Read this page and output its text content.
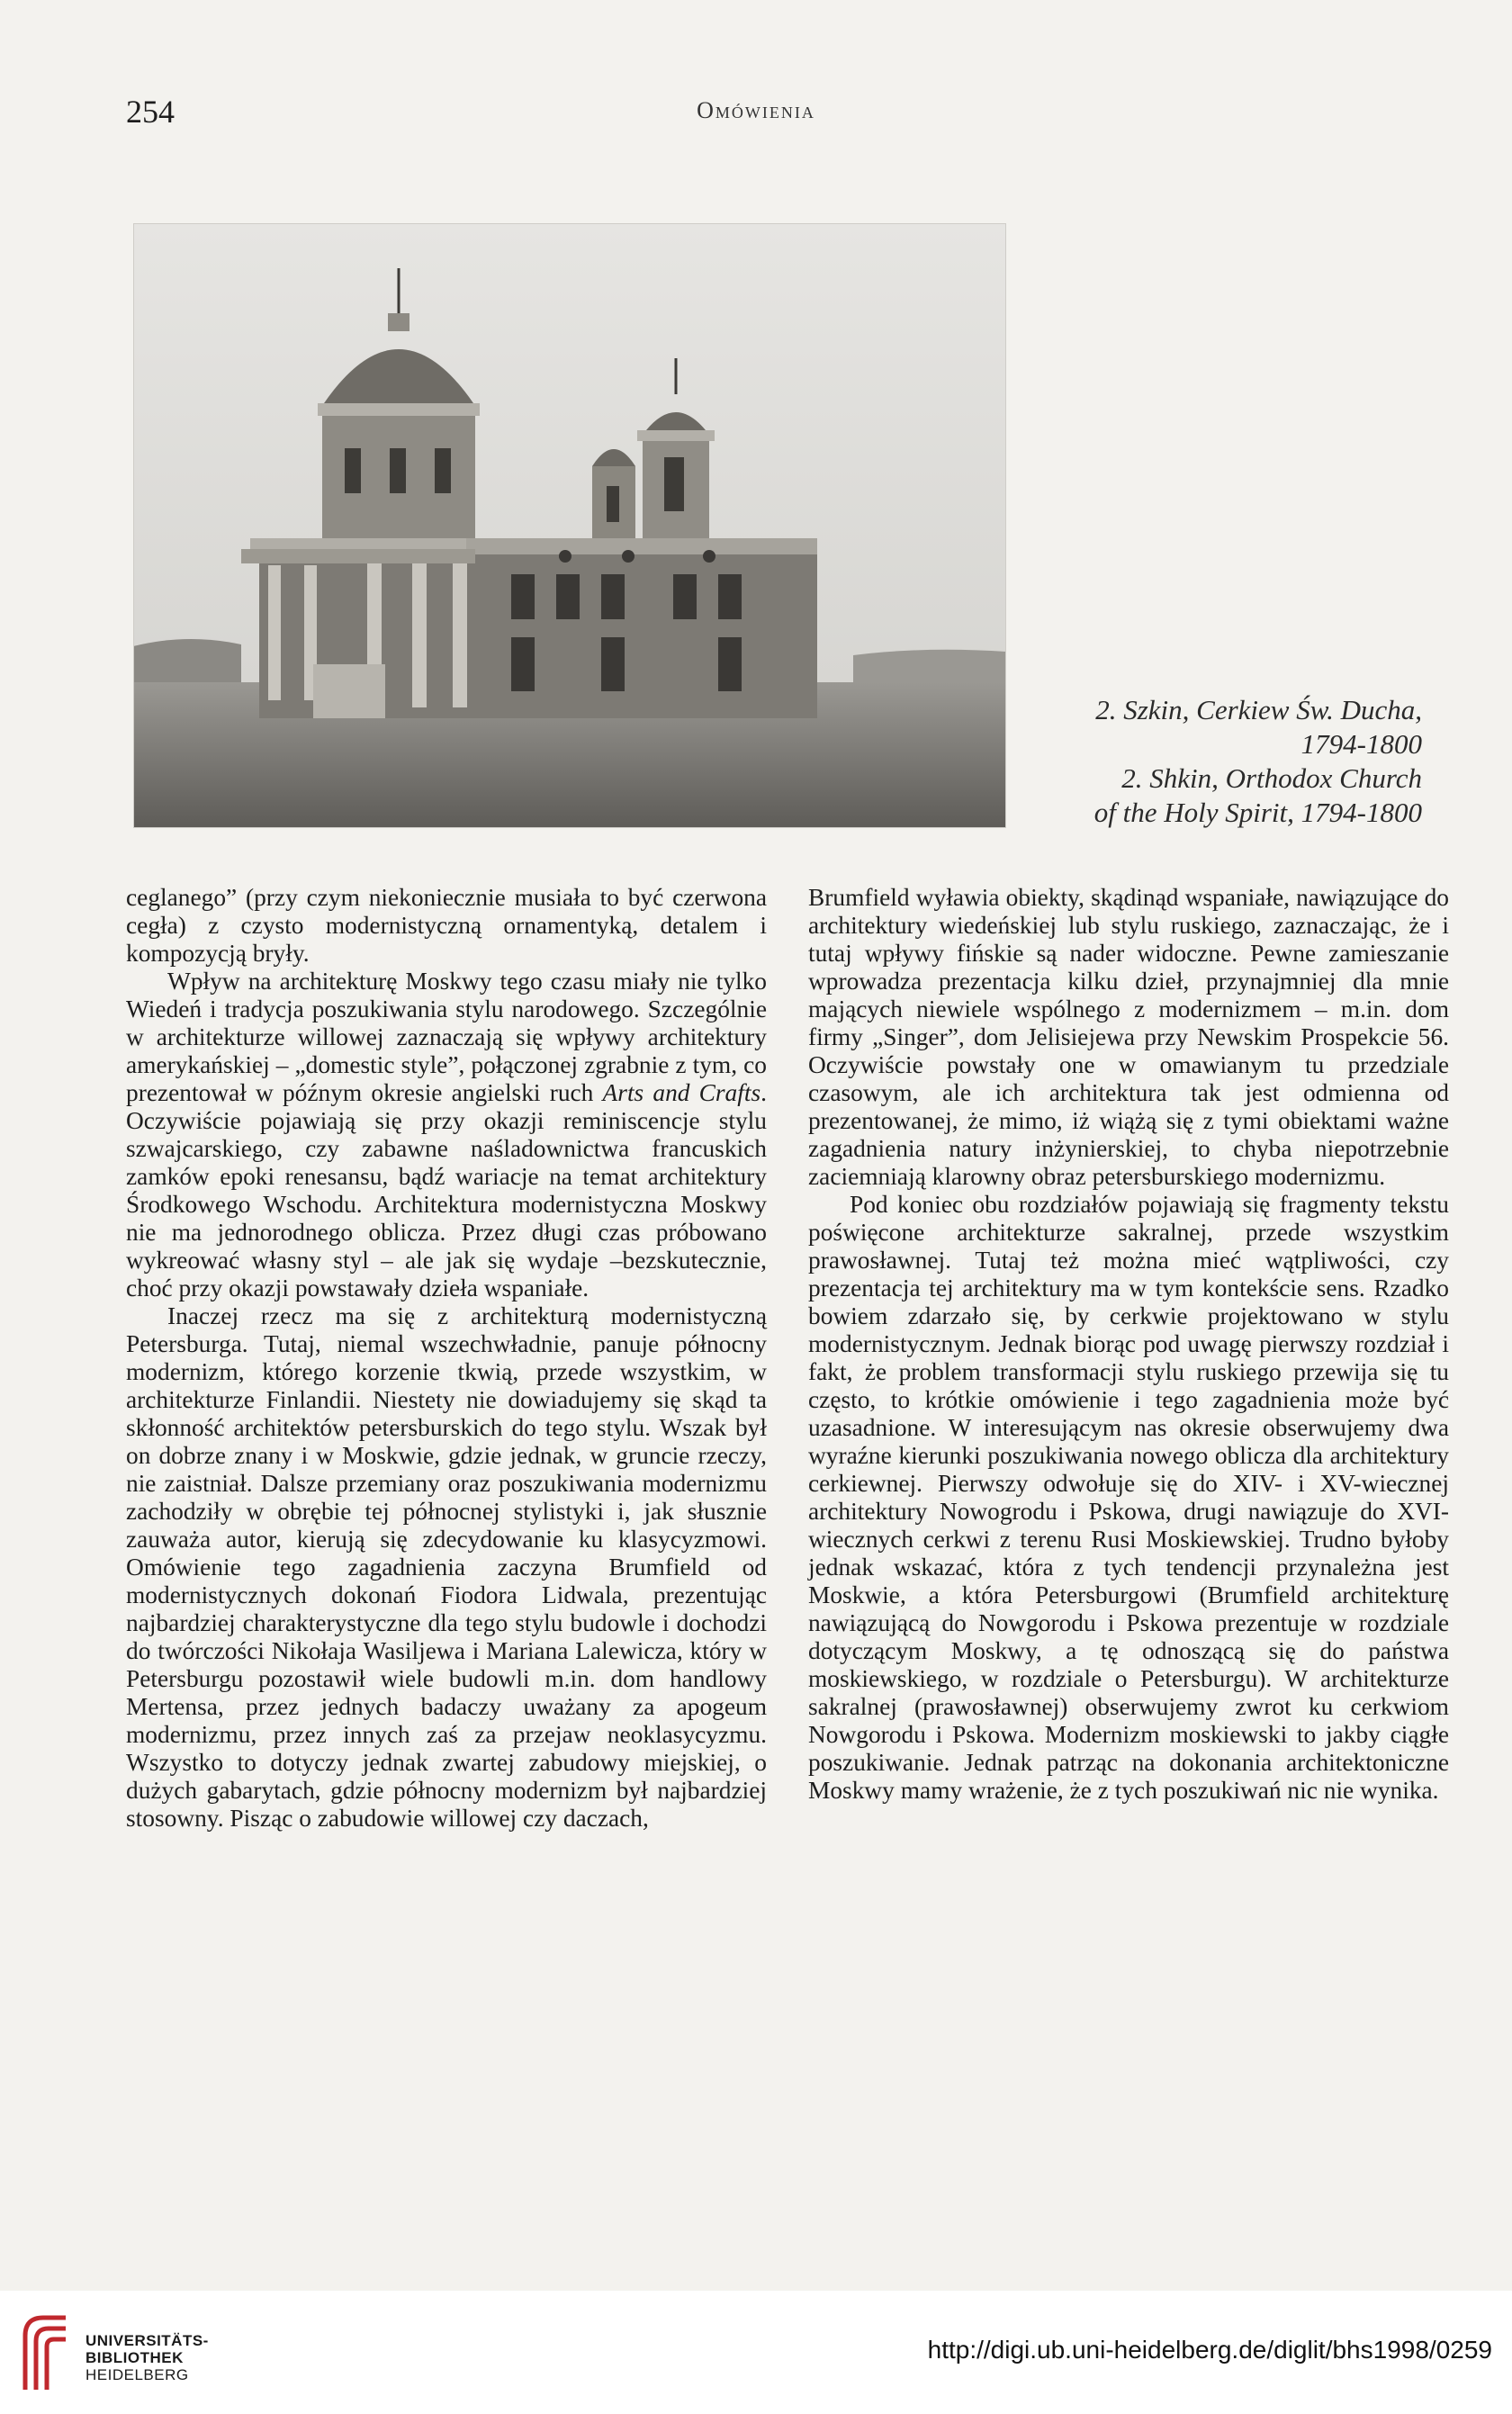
254	Omówienia
2. Szkin, Cerkiew Św. Ducha,
1794-1800
2. Shkin, Orthodox Church
of the Holy Spirit, 1794-1800

ceglanego” (przy czym niekoniecznie musiała to być czerwona cegła) z czysto modernistyczną ornamentyką, detalem i kompozycją bryły.

Wpływ na architekturę Moskwy tego czasu miały nie tylko Wiedeń i tradycja poszukiwania stylu narodowego. Szczególnie w architekturze willowej zaznaczają się wpływy architektury amerykańskiej – „domestic style”, połączonej zgrabnie z tym, co prezentował w późnym okresie angielski ruch Arts and Crafts. Oczywiście pojawiają się przy okazji reminiscencje stylu szwajcarskiego, czy zabawne naśladownictwa francuskich zamków epoki renesansu, bądź wariacje na temat architektury Środkowego Wschodu. Architektura modernistyczna Moskwy nie ma jednorodnego oblicza. Przez długi czas próbowano wykreować własny styl – ale jak się wydaje –bezskutecznie, choć przy okazji powstawały dzieła wspaniałe.

Inaczej rzecz ma się z architekturą modernistyczną Petersburga. Tutaj, niemal wszechwładnie, panuje północny modernizm, którego korzenie tkwią, przede wszystkim, w architekturze Finlandii. Niestety nie dowiadujemy się skąd ta skłonność architektów petersburskich do tego stylu. Wszak był on dobrze znany i w Moskwie, gdzie jednak, w gruncie rzeczy, nie zaistniał. Dalsze przemiany oraz poszukiwania modernizmu zachodziły w obrębie tej północnej stylistyki i, jak słusznie zauważa autor, kierują się zdecydowanie ku klasycyzmowi. Omówienie tego zagadnienia zaczyna Brumfield od modernistycznych dokonań Fiodora Lidwala, prezentując najbardziej charakterystyczne dla tego stylu budowle i dochodzi do twórczości Nikołaja Wasiljewa i Mariana Lalewicza, który w Petersburgu pozostawił wiele budowli m.in. dom handlowy Mertensa, przez jednych badaczy uważany za apogeum modernizmu, przez innych zaś za przejaw neoklasycyzmu. Wszystko to dotyczy jednak zwartej zabudowy miejskiej, o dużych gabarytach, gdzie północny modernizm był najbardziej stosowny. Pisząc o zabudowie willowej czy daczach,

Brumfield wyławia obiekty, skądinąd wspaniałe, nawiązujące do architektury wiedeńskiej lub stylu ruskiego, zaznaczając, że i tutaj wpływy fińskie są nader widoczne. Pewne zamieszanie wprowadza prezentacja kilku dzieł, przynajmniej dla mnie mających niewiele wspólnego z modernizmem – m.in. dom firmy „Singer”, dom Jelisiejewa przy Newskim Prospekcie 56. Oczywiście powstały one w omawianym tu przedziale czasowym, ale ich architektura tak jest odmienna od prezentowanej, że mimo, iż wiążą się z tymi obiektami ważne zagadnienia natury inżynierskiej, to chyba niepotrzebnie zaciemniają klarowny obraz petersburskiego modernizmu.

Pod koniec obu rozdziałów pojawiają się fragmenty tekstu poświęcone architekturze sakralnej, przede wszystkim prawosławnej. Tutaj też można mieć wątpliwości, czy prezentacja tej architektury ma w tym kontekście sens. Rzadko bowiem zdarzało się, by cerkwie projektowano w stylu modernistycznym. Jednak biorąc pod uwagę pierwszy rozdział i fakt, że problem transformacji stylu ruskiego przewija się tu często, to krótkie omówienie i tego zagadnienia może być uzasadnione. W interesującym nas okresie obserwujemy dwa wyraźne kierunki poszukiwania nowego oblicza dla architektury cerkiewnej. Pierwszy odwołuje się do XIV- i XV-wiecznej architektury Nowogrodu i Pskowa, drugi nawiązuje do XVI-wiecznych cerkwi z terenu Rusi Moskiewskiej. Trudno byłoby jednak wskazać, która z tych tendencji przynależna jest Moskwie, a która Petersburgowi (Brumfield architekturę nawiązującą do Nowgorodu i Pskowa prezentuje w rozdziale dotyczącym Moskwy, a tę odnoszącą się do państwa moskiewskiego, w rozdziale o Petersburgu). W architekturze sakralnej (prawosławnej) obserwujemy zwrot ku cerkwiom Nowgorodu i Pskowa. Modernizm moskiewski to jakby ciągłe poszukiwanie. Jednak patrząc na dokonania architektoniczne Moskwy mamy wrażenie, że z tych poszukiwań nic nie wynika.

UNIVERSITÄTS-
BIBLIOTHEK
HEIDELBERG
http://digi.ub.uni-heidelberg.de/diglit/bhs1998/0259
